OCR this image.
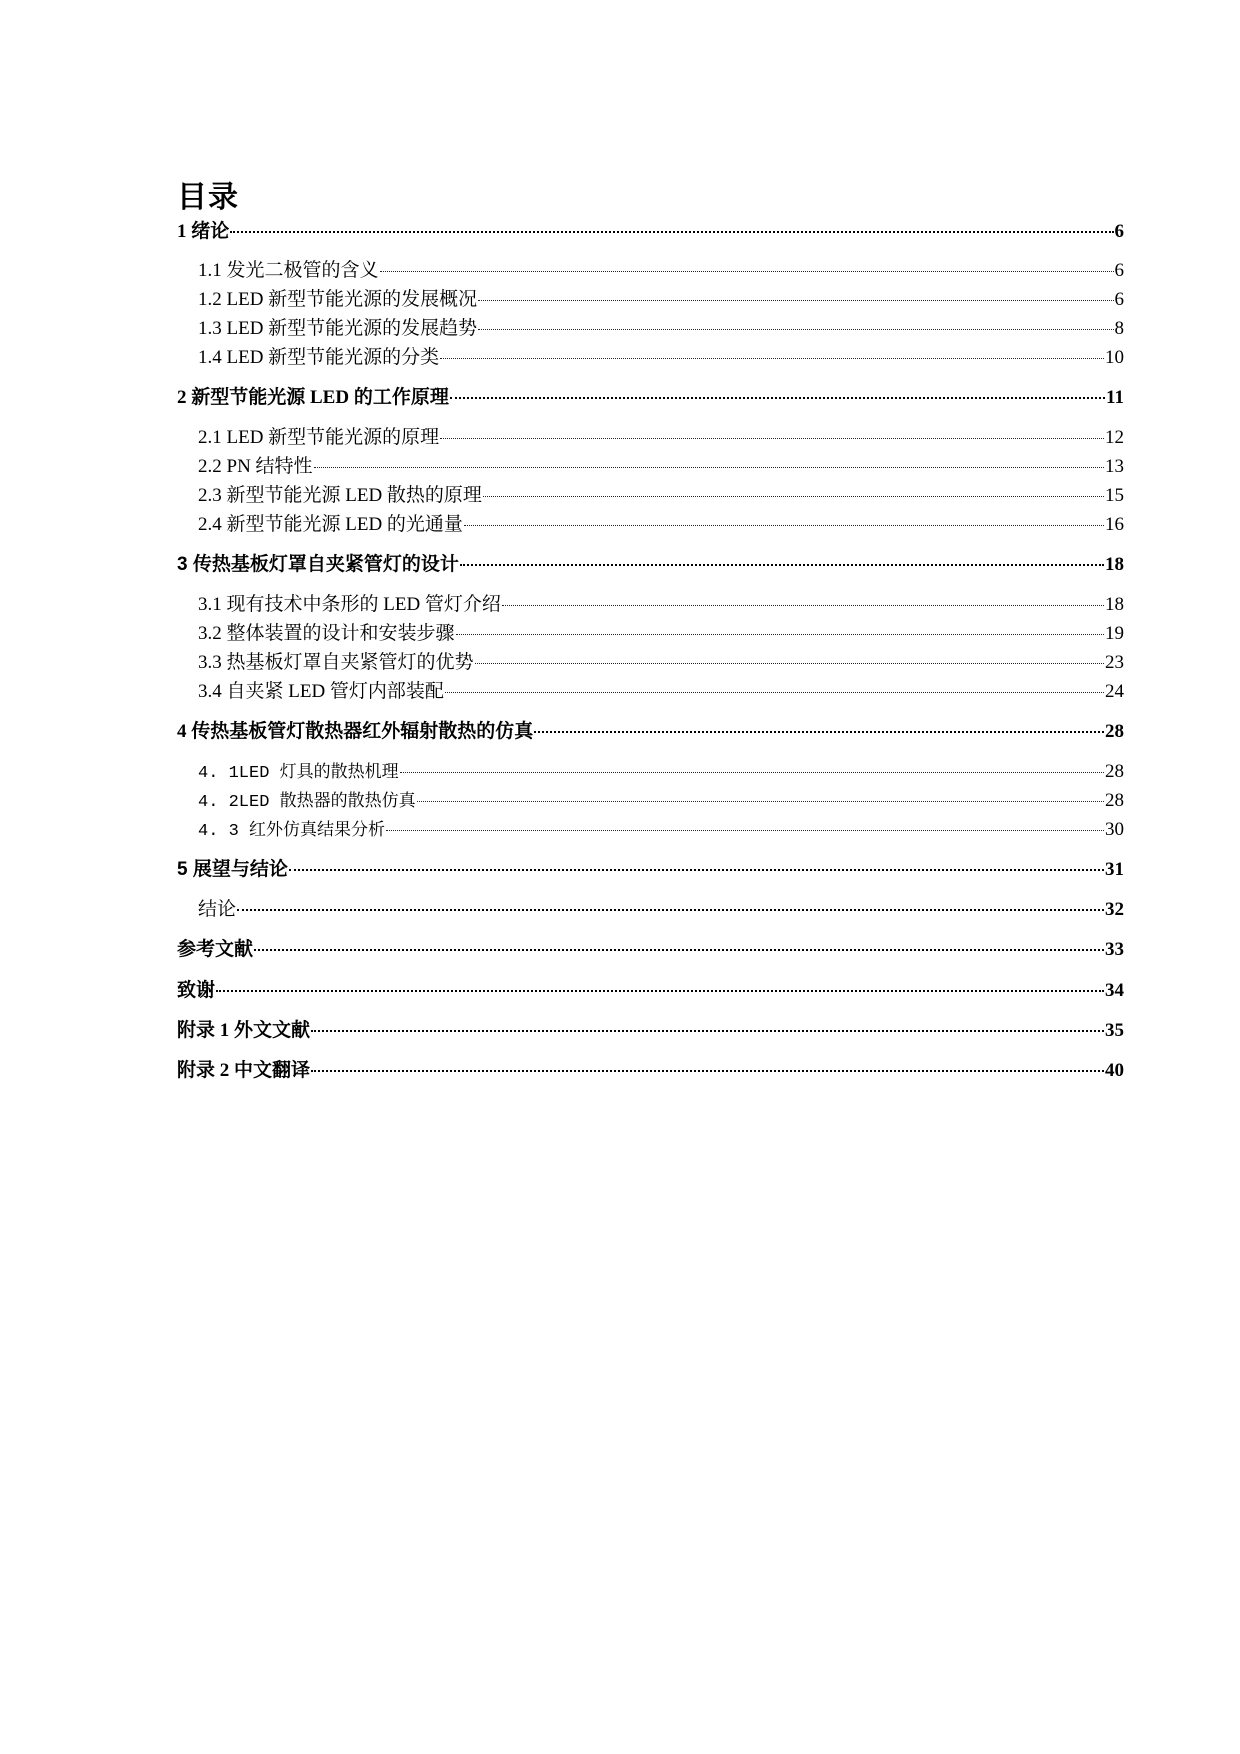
目录
1 绪论	6
1.1 发光二极管的含义	6
1.2 LED 新型节能光源的发展概况	6
1.3 LED 新型节能光源的发展趋势	8
1.4 LED 新型节能光源的分类	10
2 新型节能光源 LED 的工作原理	11
2.1 LED 新型节能光源的原理	12
2.2 PN 结特性	13
2.3 新型节能光源 LED 散热的原理	15
2.4 新型节能光源 LED 的光通量	16
3 传热基板灯罩自夹紧管灯的设计	18
3.1 现有技术中条形的 LED 管灯介绍	18
3.2 整体装置的设计和安装步骤	19
3.3 热基板灯罩自夹紧管灯的优势	23
3.4 自夹紧 LED 管灯内部装配	24
4 传热基板管灯散热器红外辐射散热的仿真	28
4. 1LED 灯具的散热机理	28
4. 2LED 散热器的散热仿真	28
4. 3 红外仿真结果分析	30
5 展望与结论	31
结论	32
参考文献	33
致谢	34
附录 1 外文文献	35
附录 2 中文翻译	40
